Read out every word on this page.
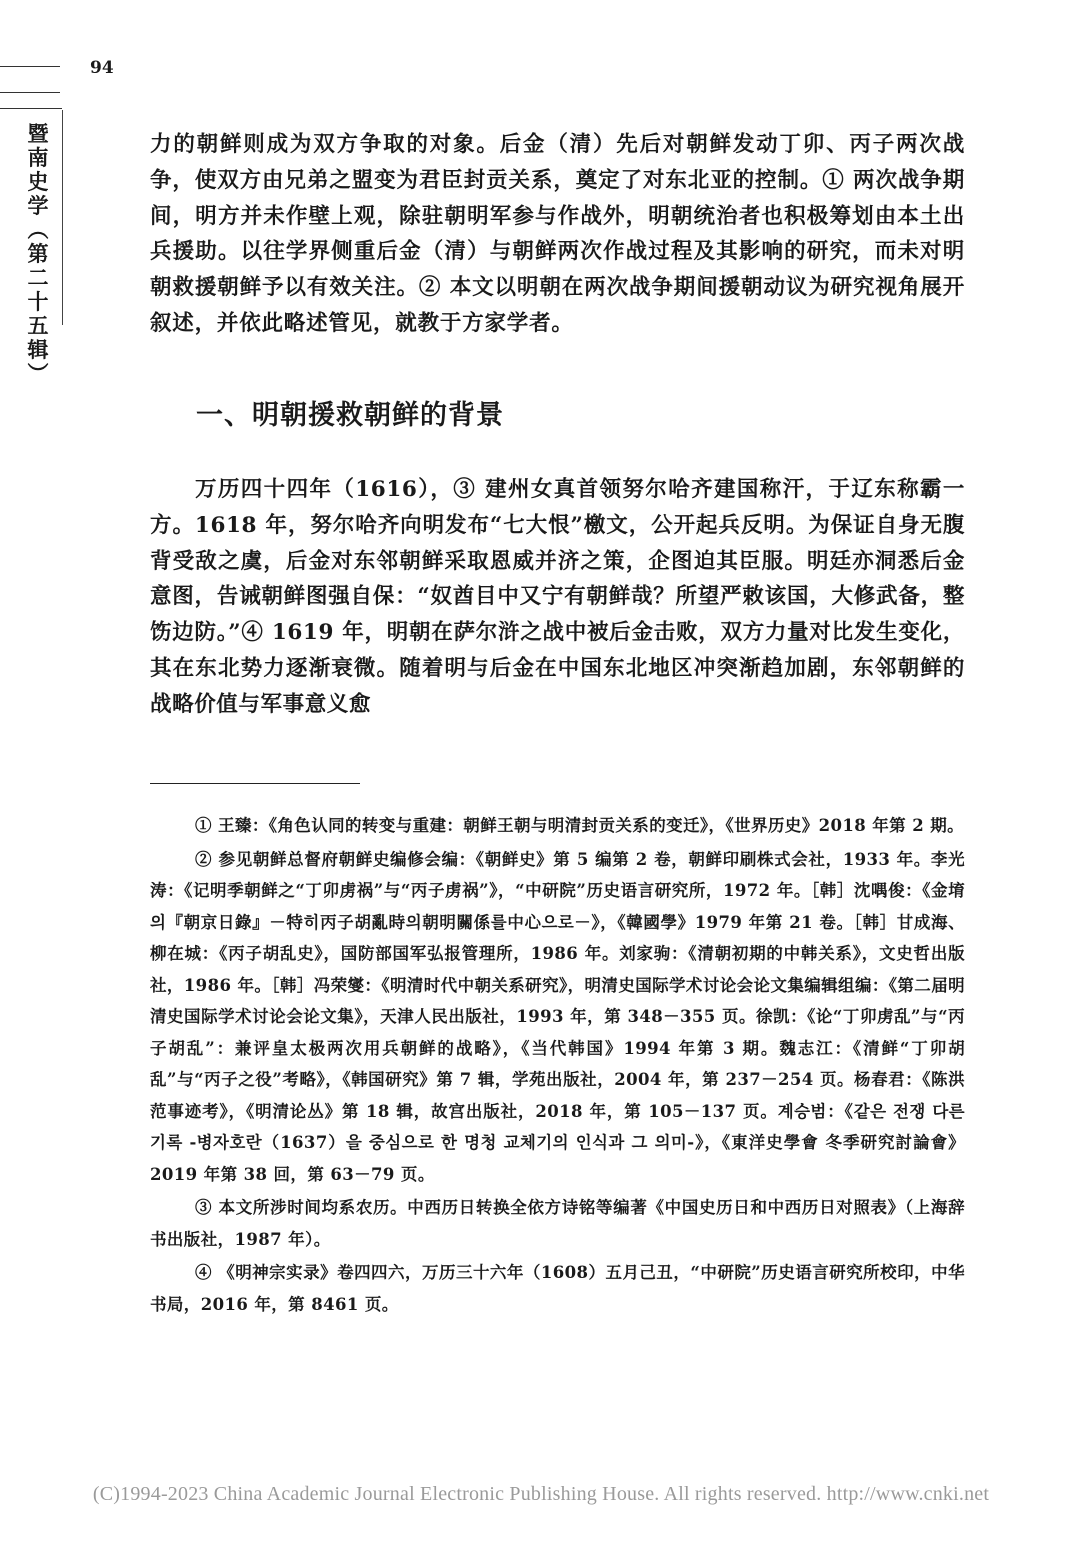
94
暨
南
史
学
︵
第
二
十
五
辑
︶

力的朝鲜则成为双方争取的对象。后金（清）先后对朝鲜发动丁卯、丙子两次战争，使双方由兄弟之盟变为君臣封贡关系，奠定了对东北亚的控制。① 两次战争期间，明方并未作壁上观，除驻朝明军参与作战外，明朝统治者也积极筹划由本土出兵援助。以往学界侧重后金（清）与朝鲜两次作战过程及其影响的研究，而未对明朝救援朝鲜予以有效关注。② 本文以明朝在两次战争期间援朝动议为研究视角展开叙述，并依此略述管见，就教于方家学者。

一、明朝援救朝鲜的背景

万历四十四年（1616），③ 建州女真首领努尔哈齐建国称汗，于辽东称霸一方。1618 年，努尔哈齐向明发布“七大恨”檄文，公开起兵反明。为保证自身无腹背受敌之虞，后金对东邻朝鲜采取恩威并济之策，企图迫其臣服。明廷亦洞悉后金意图，告诫朝鲜图强自保：“奴酋目中又宁有朝鲜哉？所望严敕该国，大修武备，整饬边防。”④ 1619 年，明朝在萨尔浒之战中被后金击败，双方力量对比发生变化，其在东北势力逐渐衰微。随着明与后金在中国东北地区冲突渐趋加剧，东邻朝鲜的战略价值与军事意义愈

① 王臻：《角色认同的转变与重建：朝鲜王朝与明清封贡关系的变迁》，《世界历史》2018 年第 2 期。

② 参见朝鲜总督府朝鲜史编修会编：《朝鲜史》第 5 编第 2 卷，朝鲜印刷株式会社，1933 年。李光涛：《记明季朝鲜之“丁卯虏祸”与“丙子虏祸”》，“中研院”历史语言研究所，1972 年。［韩］沈喁俊：《金堉의『朝京日錄』－特히丙子胡亂時의朝明關係를中心으로－》，《韓國學》1979 年第 21 卷。［韩］甘成海、柳在城：《丙子胡乱史》，国防部国军弘报管理所，1986 年。刘家驹：《清朝初期的中韩关系》，文史哲出版社，1986 年。［韩］冯荣燮：《明清时代中朝关系研究》，明清史国际学术讨论会论文集编辑组编：《第二届明清史国际学术讨论会论文集》，天津人民出版社，1993 年，第 348－355 页。徐凯：《论“丁卯虏乱”与“丙子胡乱”：兼评皇太极两次用兵朝鲜的战略》，《当代韩国》1994 年第 3 期。魏志江：《清鲜“丁卯胡乱”与“丙子之役”考略》，《韩国研究》第 7 辑，学苑出版社，2004 年，第 237－254 页。杨春君：《陈洪范事迹考》，《明清论丛》第 18 辑，故宫出版社，2018 年，第 105－137 页。계승범：《같은 전쟁 다른 기록 -병자호란（1637）을 중심으로 한 명청 교체기의 인식과 그 의미-》，《東洋史學會 冬季研究討論會》2019 年第 38 回，第 63－79 页。

③ 本文所涉时间均系农历。中西历日转换全依方诗铭等编著《中国史历日和中西历日对照表》（上海辞书出版社，1987 年）。

④ 《明神宗实录》卷四四六，万历三十六年（1608）五月己丑，“中研院”历史语言研究所校印，中华书局，2016 年，第 8461 页。

(C)1994-2023 China Academic Journal Electronic Publishing House. All rights reserved. http://www.cnki.net
